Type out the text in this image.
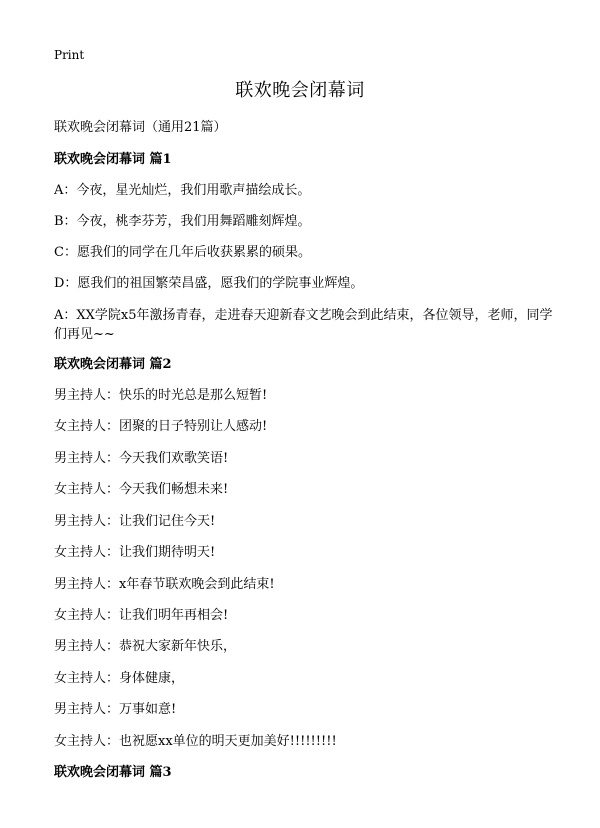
Print
联欢晚会闭幕词
联欢晚会闭幕词（通用21篇）
联欢晚会闭幕词 篇1
A：今夜，星光灿烂，我们用歌声描绘成长。
B：今夜，桃李芬芳，我们用舞蹈雕刻辉煌。
C：愿我们的同学在几年后收获累累的硕果。
D：愿我们的祖国繁荣昌盛，愿我们的学院事业辉煌。
A：XX学院x5年激扬青春，走进春天迎新春文艺晚会到此结束，各位领导，老师，同学们再见~~
联欢晚会闭幕词 篇2
男主持人：快乐的时光总是那么短暂!
女主持人：团聚的日子特别让人感动!
男主持人：今天我们欢歌笑语!
女主持人：今天我们畅想未来!
男主持人：让我们记住今天!
女主持人：让我们期待明天!
男主持人：x年春节联欢晚会到此结束!
女主持人：让我们明年再相会!
男主持人：恭祝大家新年快乐，
女主持人：身体健康，
男主持人：万事如意!
女主持人：也祝愿xx单位的明天更加美好!!!!!!!!!
联欢晚会闭幕词 篇3
